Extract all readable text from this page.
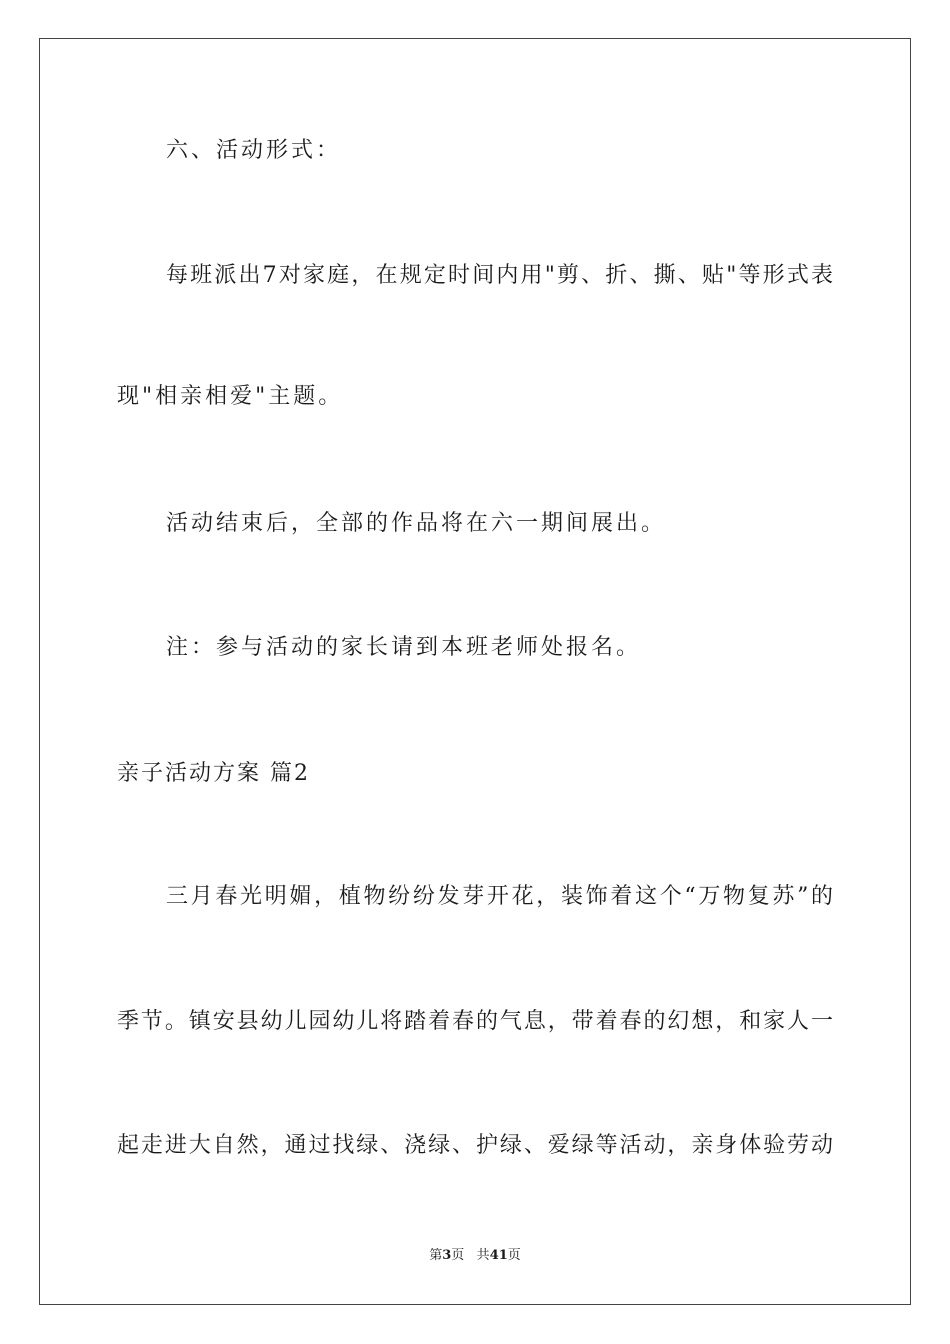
六、活动形式：
每班派出7对家庭，在规定时间内用"剪、折、撕、贴"等形式表
现"相亲相爱"主题。
活动结束后，全部的作品将在六一期间展出。
注：参与活动的家长请到本班老师处报名。
亲子活动方案 篇2
三月春光明媚，植物纷纷发芽开花，装饰着这个“万物复苏”的
季节。镇安县幼儿园幼儿将踏着春的气息，带着春的幻想，和家人一
起走进大自然，通过找绿、浇绿、护绿、爱绿等活动，亲身体验劳动
第3页 共41页
